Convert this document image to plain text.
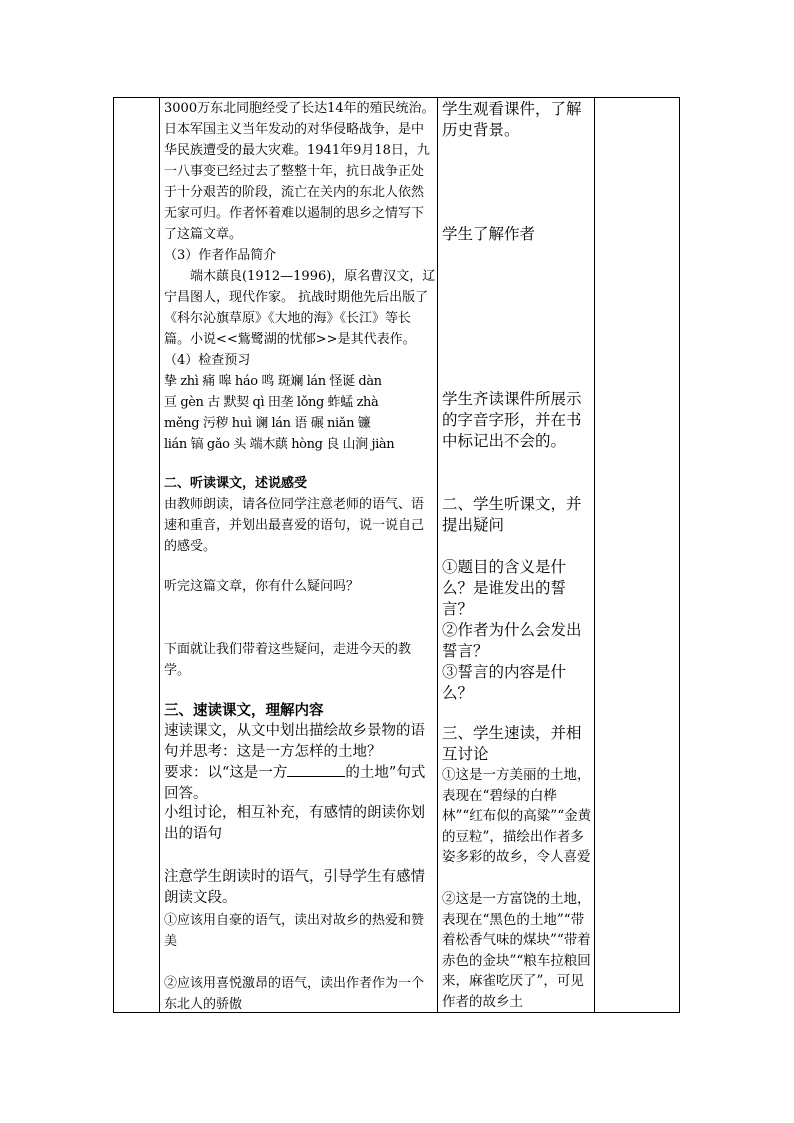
3000万东北同胞经受了长达14年的殖民统治。日本军国主义当年发动的对华侵略战争，是中华民族遭受的最大灾难。1941年9月18日，九一八事变已经过去了整整十年，抗日战争正处于十分艰苦的阶段，流亡在关内的东北人依然无家可归。作者怀着难以遏制的思乡之情写下了这篇文章。

（3）作者作品简介

端木蕻良(1912—1996)，原名曹汉文，辽宁昌图人，现代作家。 抗战时期他先后出版了《科尔沁旗草原》《大地的海》《长江》等长篇。小说<<鴜鹭湖的忧郁>>是其代表作。

（4）检查预习

挚 zhì 痛 嗥 háo 鸣 斑斓 lán 怪诞 dàn

亘 gèn 古 默契 qì 田垄 lǒng 蚱蜢 zhà

měng 污秽 huì 谰 lán 语 碾 niǎn 镰

lián 镐 gǎo 头 端木蕻 hòng 良 山涧 jiàn

二、听读课文，述说感受

由教师朗读，请各位同学注意老师的语气、语速和重音，并划出最喜爱的语句，说一说自己的感受。

听完这篇文章，你有什么疑问吗？

下面就让我们带着这些疑问，走进今天的教学。

三、速读课文，理解内容

速读课文，从文中划出描绘故乡景物的语句并思考：这是一方怎样的土地？

要求：以“这是一方	的土地”句式回答。

小组讨论，相互补充，有感情的朗读你划出的语句

注意学生朗读时的语气，引导学生有感情朗读文段。

①应该用自豪的语气，读出对故乡的热爱和赞美

②应该用喜悦激昂的语气，读出作者作为一个东北人的骄傲

学生观看课件，了解历史背景。

学生了解作者

学生齐读课件所展示的字音字形，并在书中标记出不会的。

二、学生听课文，并提出疑问

①题目的含义是什么？是谁发出的誓言？

②作者为什么会发出誓言？

③誓言的内容是什么？

三、学生速读，并相互讨论

①这是一方美丽的土地，表现在“碧绿的白桦林”“红布似的高粱”“金黄的豆粒”，描绘出作者多姿多彩的故乡，令人喜爱

②这是一方富饶的土地，表现在“黑色的土地”“带着松香气味的煤块”“带着赤色的金块”“粮车拉粮回来，麻雀吃厌了”，可见作者的故乡土
